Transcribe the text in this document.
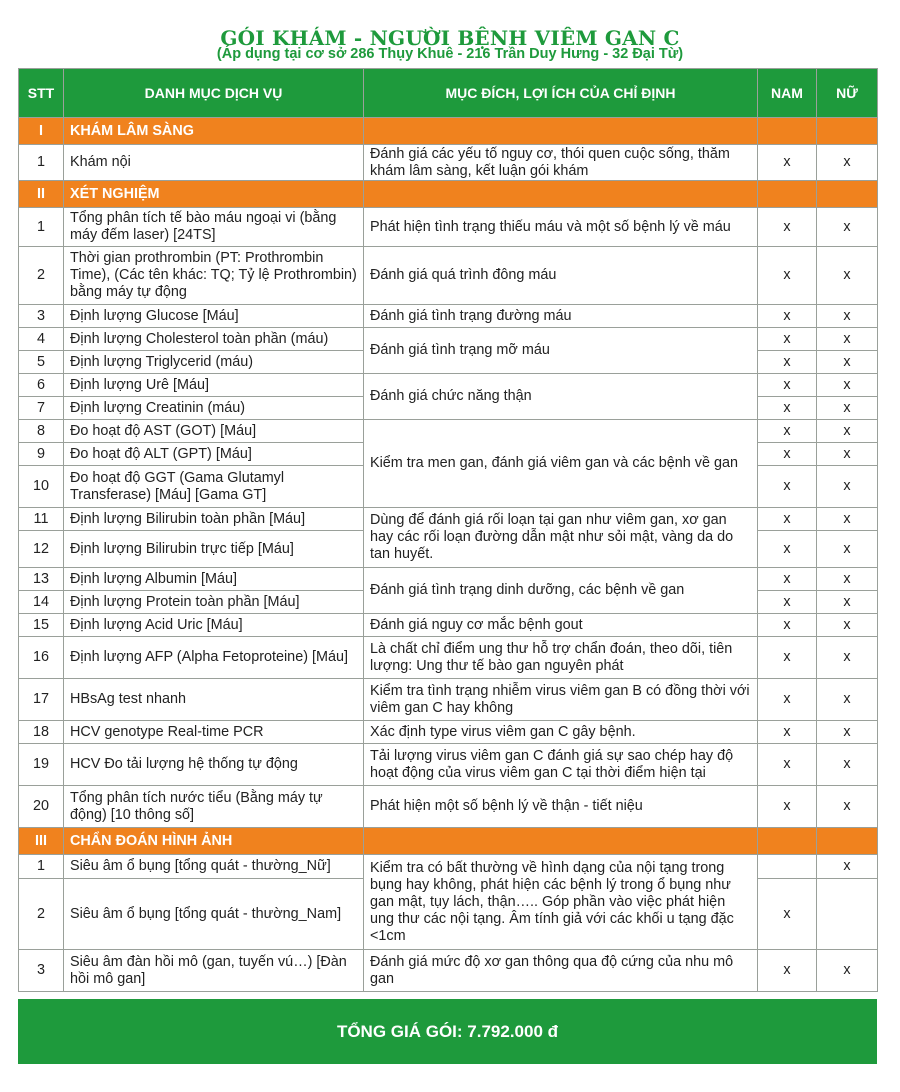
GÓI KHÁM - NGƯỜI BỆNH VIÊM GAN C
(Áp dụng tại cơ sở 286 Thụy Khuê - 216 Trần Duy Hưng - 32 Đại Từ)
STT	DANH MỤC DỊCH VỤ	MỤC ĐÍCH, LỢI ÍCH CỦA CHỈ ĐỊNH	NAM	NỮ
I	KHÁM LÂM SÀNG			
1	Khám nội	Đánh giá các yếu tố nguy cơ, thói quen cuộc sống, thăm khám lâm sàng, kết luận gói khám	x	x
II	XÉT NGHIỆM			
1	Tổng phân tích tế bào máu ngoại vi (bằng máy đếm laser) [24TS]	Phát hiện tình trạng thiếu máu và một số bệnh lý về máu	x	x
2	Thời gian prothrombin (PT: Prothrombin Time), (Các tên khác: TQ; Tỷ lệ Prothrombin) bằng máy tự động	Đánh giá quá trình đông máu	x	x
3	Định lượng Glucose [Máu]	Đánh giá tình trạng đường máu	x	x
4	Định lượng Cholesterol toàn phần (máu)	Đánh giá tình trạng mỡ máu	x	x
5	Định lượng Triglycerid (máu)		x	x
6	Định lượng Urê [Máu]	Đánh giá chức năng thận	x	x
7	Định lượng Creatinin (máu)		x	x
8	Đo hoạt độ AST (GOT) [Máu]	Kiểm tra men gan, đánh giá viêm gan và các bệnh về gan	x	x
9	Đo hoạt độ ALT (GPT) [Máu]		x	x
10	Đo hoạt độ GGT (Gama Glutamyl Transferase) [Máu] [Gama GT]		x	x
11	Định lượng Bilirubin toàn phần [Máu]	Dùng để đánh giá rối loạn tại gan như viêm gan, xơ gan hay các rối loạn đường dẫn mật như sỏi mật, vàng da do tan huyết.	x	x
12	Định lượng Bilirubin trực tiếp [Máu]		x	x
13	Định lượng Albumin [Máu]	Đánh giá tình trạng dinh dưỡng, các bệnh về gan	x	x
14	Định lượng Protein toàn phần [Máu]		x	x
15	Định lượng Acid Uric [Máu]	Đánh giá nguy cơ mắc bệnh gout	x	x
16	Định lượng AFP (Alpha Fetoproteine) [Máu]	Là chất chỉ điểm ung thư hỗ trợ chẩn đoán, theo dõi, tiên lượng: Ung thư tế bào gan nguyên phát	x	x
17	HBsAg test nhanh	Kiểm tra tình trạng nhiễm virus viêm gan B có đồng thời với viêm gan C hay không	x	x
18	HCV genotype Real-time PCR	Xác định type virus viêm gan C gây bệnh.	x	x
19	HCV Đo tải lượng hệ thống tự động	Tải lượng virus viêm gan C đánh giá sự sao chép hay độ hoạt động của virus viêm gan C tại thời điểm hiện tại	x	x
20	Tổng phân tích nước tiểu (Bằng máy tự động) [10 thông số]	Phát hiện một số bệnh lý về thận - tiết niệu	x	x
III	CHẨN ĐOÁN HÌNH ẢNH			
1	Siêu âm ổ bụng [tổng quát - thường_Nữ]	Kiểm tra có bất thường về hình dạng của nội tạng trong bụng hay không, phát hiện các bệnh lý trong ổ bụng như gan mật, tụy lách, thận….. Góp phần vào việc phát hiện ung thư các nội tạng. Âm tính giả với các khối u tạng đặc <1cm		x
2	Siêu âm ổ bụng [tổng quát - thường_Nam]		x	
3	Siêu âm đàn hồi mô (gan, tuyến vú…) [Đàn hồi mô gan]	Đánh giá mức độ xơ gan thông qua độ cứng của nhu mô gan	x	x
TỔNG GIÁ GÓI:
7.792.000 đ
